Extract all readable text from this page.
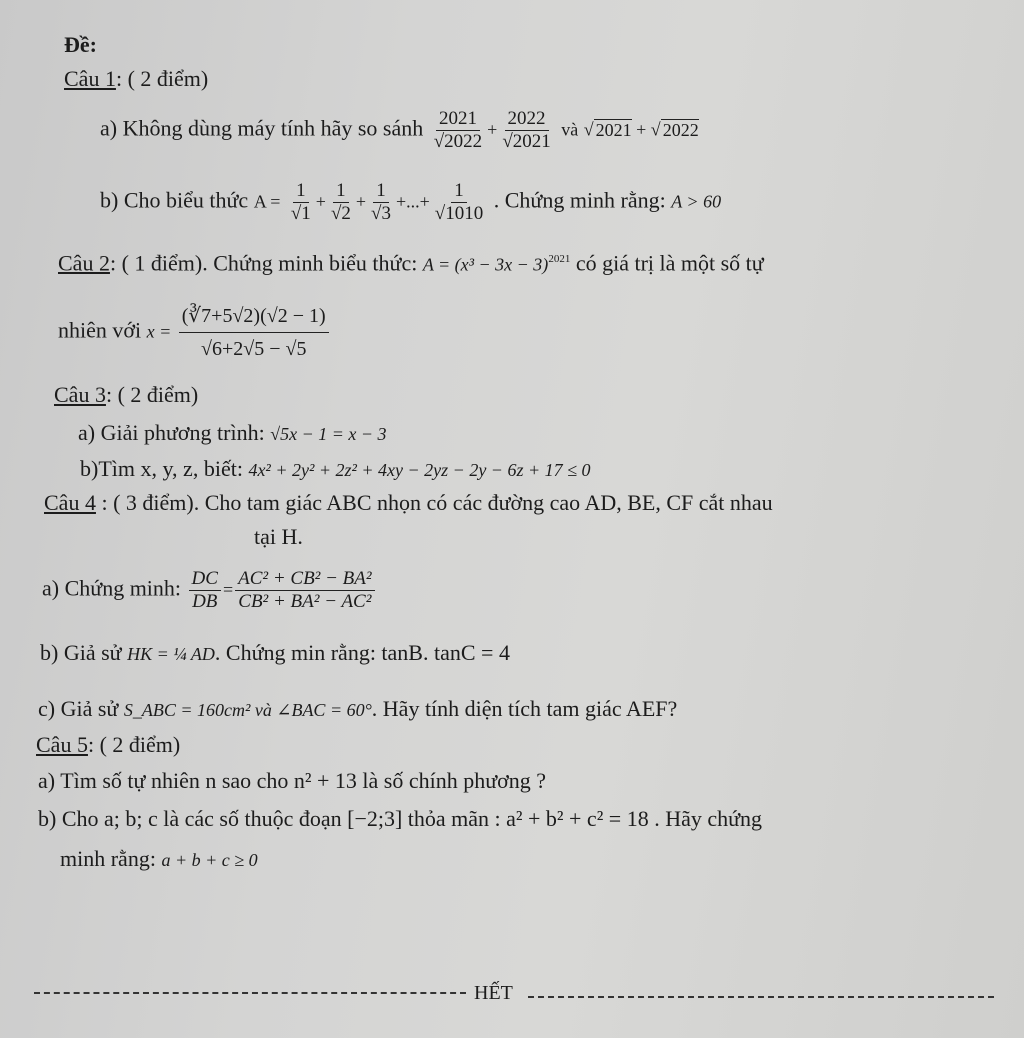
Đề:
Câu 1: ( 2 điểm)
a) Không dùng máy tính hãy so sánh $\frac{2021}{√2022} + \frac{2022}{√2021}$ và √ 2021 + √ 2022
b) Cho biểu thức $A = \frac{1}{√1} + \frac{1}{√2} + \frac{1}{√3}$ +...+ $\frac{1}{√1010}$ . Chứng minh rằng: A > 60
Câu 2: ( 1 điểm). Chứng minh biểu thức: $A = (x^3 - 3x - 3)^{2021}$ có giá trị là một số tự
nhiên với $x = \frac{(∛7+5√2)(√2 - 1)}{√6+2√5 - √5}$
Câu 3: ( 2 điểm)
a) Giải phương trình: √5x − 1 = x − 3
b)Tìm x, y, z, biết: 4x² + 2y² + 2z² + 4xy − 2yz − 2y − 6z + 17 ≤ 0
Câu 4 : ( 3 điểm). Cho tam giác ABC nhọn có các đường cao AD, BE, CF cắt nhau
tại H.
a) Chứng minh: $\frac{DC}{DB} = \frac{\text{AC² + CB² − BA²}}{\text{CB² + BA² − AC²}}$
b) Giả sử HK = ¼ AD. Chứng min rằng: tanB. tanC = 4
c) Giả sử S_ABC = 160cm² và ∠BAC = 60°. Hãy tính diện tích tam giác AEF?
Câu 5: ( 2 điểm)
a) Tìm số tự nhiên n sao cho n² + 13 là số chính phương ?
b) Cho a; b; c là các số thuộc đoạn [−2;3] thỏa mãn : a² + b² + c² = 18 . Hãy chứng
minh rằng: a + b + c ≥ 0
HẾT
